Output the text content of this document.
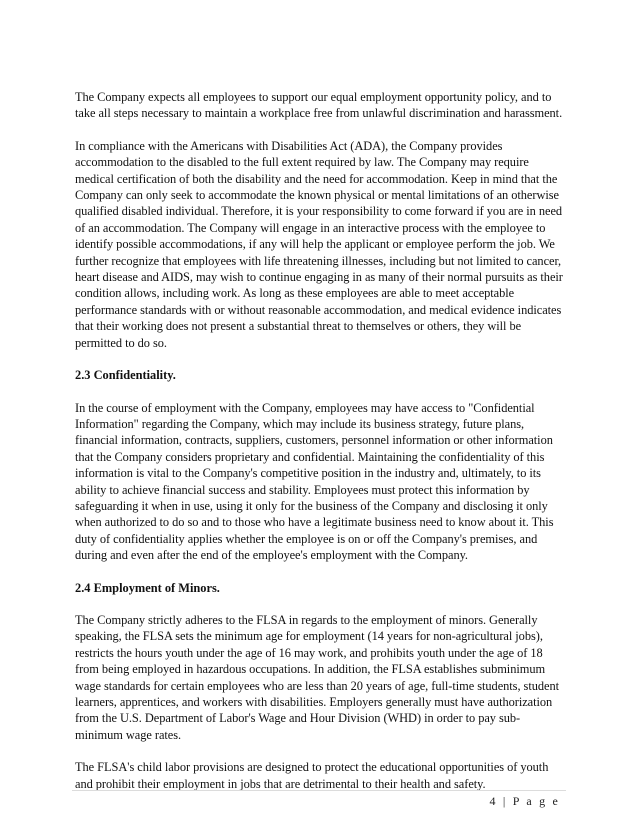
The Company expects all employees to support our equal employment opportunity policy, and to take all steps necessary to maintain a workplace free from unlawful discrimination and harassment.

In compliance with the Americans with Disabilities Act (ADA), the Company provides accommodation to the disabled to the full extent required by law. The Company may require medical certification of both the disability and the need for accommodation. Keep in mind that the Company can only seek to accommodate the known physical or mental limitations of an otherwise qualified disabled individual. Therefore, it is your responsibility to come forward if you are in need of an accommodation. The Company will engage in an interactive process with the employee to identify possible accommodations, if any will help the applicant or employee perform the job. We further recognize that employees with life threatening illnesses, including but not limited to cancer, heart disease and AIDS, may wish to continue engaging in as many of their normal pursuits as their condition allows, including work. As long as these employees are able to meet acceptable performance standards with or without reasonable accommodation, and medical evidence indicates that their working does not present a substantial threat to themselves or others, they will be permitted to do so.

2.3 Confidentiality.

In the course of employment with the Company, employees may have access to "Confidential Information" regarding the Company, which may include its business strategy, future plans, financial information, contracts, suppliers, customers, personnel information or other information that the Company considers proprietary and confidential. Maintaining the confidentiality of this information is vital to the Company's competitive position in the industry and, ultimately, to its ability to achieve financial success and stability. Employees must protect this information by safeguarding it when in use, using it only for the business of the Company and disclosing it only when authorized to do so and to those who have a legitimate business need to know about it. This duty of confidentiality applies whether the employee is on or off the Company's premises, and during and even after the end of the employee's employment with the Company.

2.4 Employment of Minors.

The Company strictly adheres to the FLSA in regards to the employment of minors. Generally speaking, the FLSA sets the minimum age for employment (14 years for non-agricultural jobs), restricts the hours youth under the age of 16 may work, and prohibits youth under the age of 18 from being employed in hazardous occupations. In addition, the FLSA establishes subminimum wage standards for certain employees who are less than 20 years of age, full-time students, student learners, apprentices, and workers with disabilities. Employers generally must have authorization from the U.S. Department of Labor's Wage and Hour Division (WHD) in order to pay sub-minimum wage rates.

The FLSA's child labor provisions are designed to protect the educational opportunities of youth and prohibit their employment in jobs that are detrimental to their health and safety.

4 | P a g e
